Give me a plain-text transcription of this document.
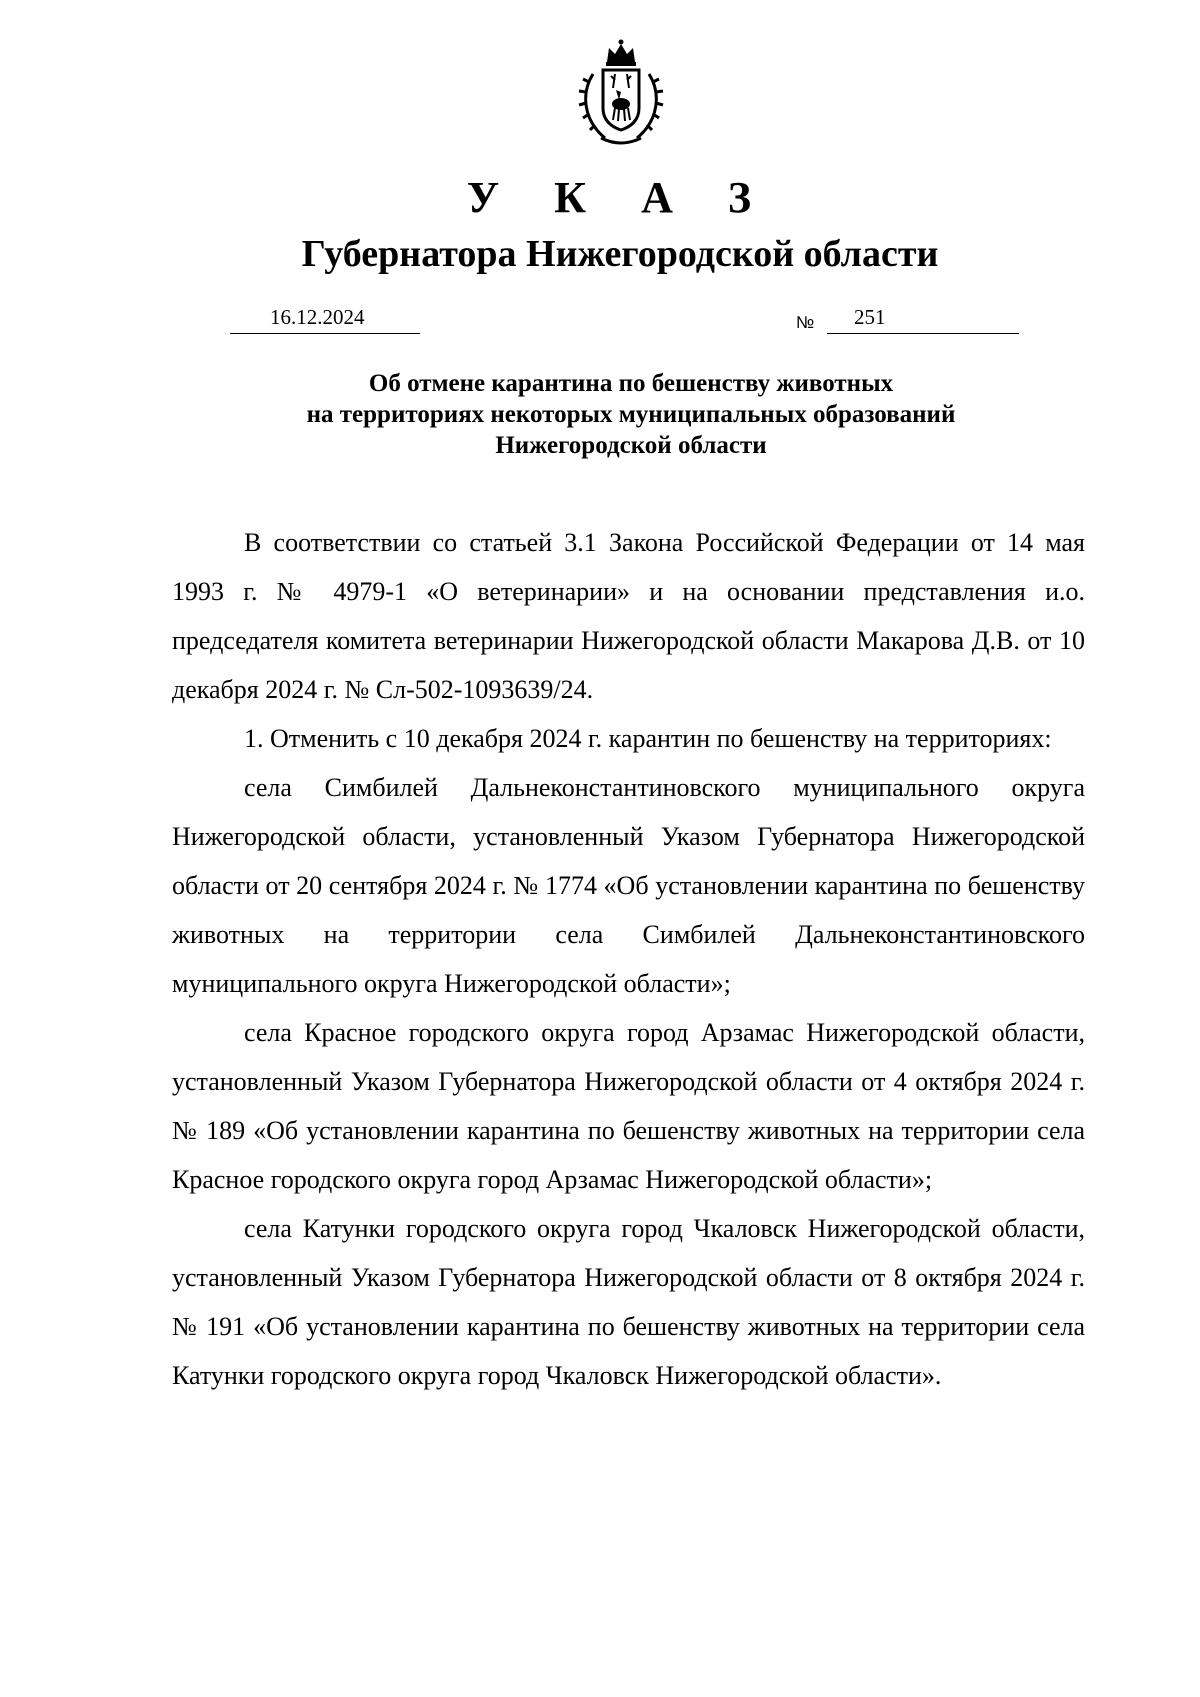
У К А З
Губернатора Нижегородской области
16.12.2024	№ 251
Об отмене карантина по бешенству животных
на территориях некоторых муниципальных образований
Нижегородской области

В соответствии со статьей 3.1 Закона Российской Федерации от 14 мая 1993 г. № 4979-1 «О ветеринарии» и на основании представления и.о. председателя комитета ветеринарии Нижегородской области Макарова Д.В. от 10 декабря 2024 г. № Сл-502-1093639/24.

1. Отменить с 10 декабря 2024 г. карантин по бешенству на территориях:

села Симбилей Дальнеконстантиновского муниципального округа Нижегородской области, установленный Указом Губернатора Нижегородской области от 20 сентября 2024 г. № 1774 «Об установлении карантина по бешенству животных на территории села Симбилей Дальнеконстантиновского муниципального округа Нижегородской области»;

села Красное городского округа город Арзамас Нижегородской области, установленный Указом Губернатора Нижегородской области от 4 октября 2024 г. № 189 «Об установлении карантина по бешенству животных на территории села Красное городского округа город Арзамас Нижегородской области»;

села Катунки городского округа город Чкаловск Нижегородской области, установленный Указом Губернатора Нижегородской области от 8 октября 2024 г. № 191 «Об установлении карантина по бешенству животных на территории села Катунки городского округа город Чкаловск Нижегородской области».
